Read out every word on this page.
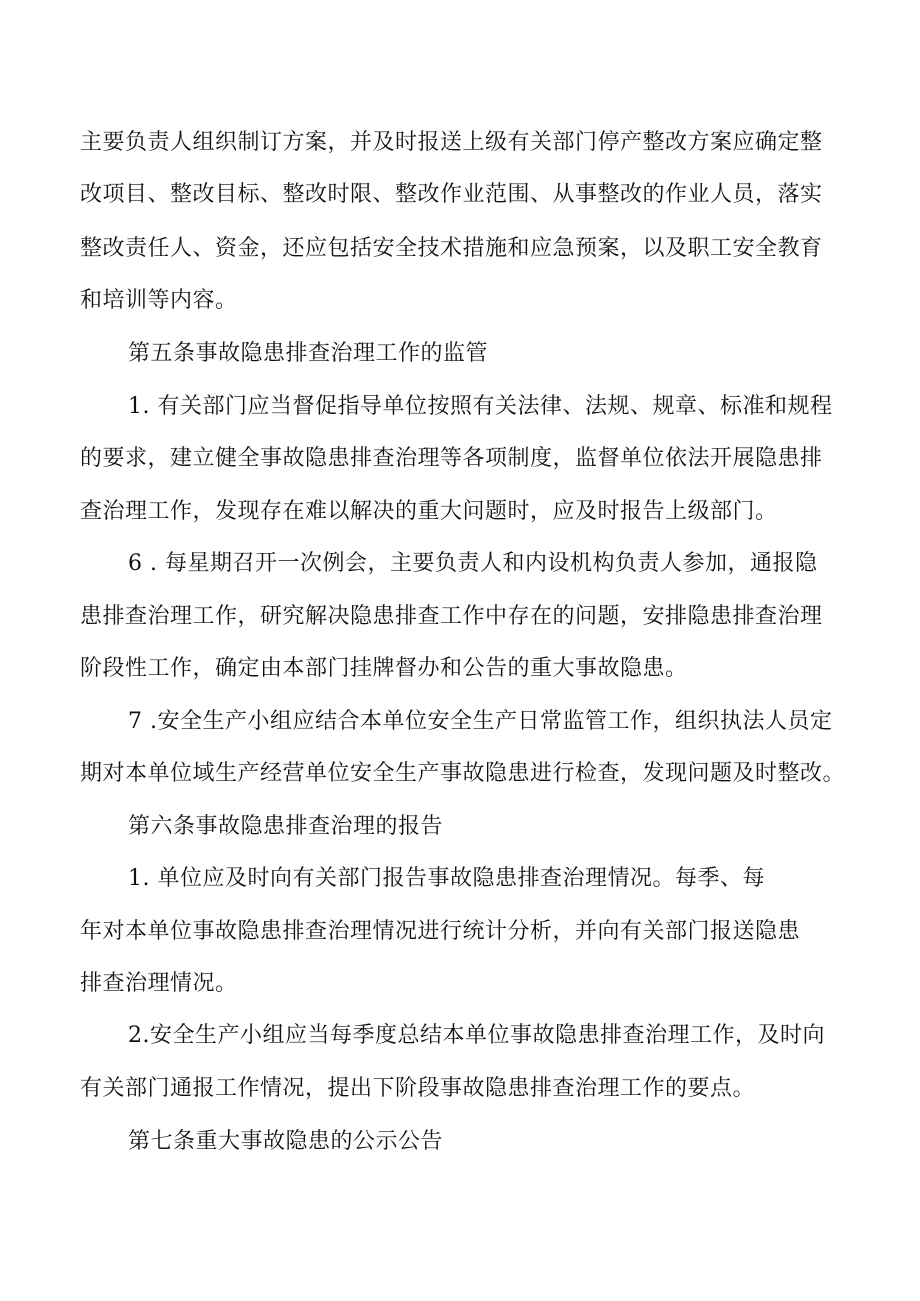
主要负责人组织制订方案，并及时报送上级有关部门停产整改方案应确定整
改项目、整改目标、整改时限、整改作业范围、从事整改的作业人员，落实
整改责任人、资金，还应包括安全技术措施和应急预案，以及职工安全教育
和培训等内容。
第五条事故隐患排查治理工作的监管
1. 有关部门应当督促指导单位按照有关法律、法规、规章、标准和规程
的要求，建立健全事故隐患排查治理等各项制度，监督单位依法开展隐患排
查治理工作，发现存在难以解决的重大问题时，应及时报告上级部门。
6 . 每星期召开一次例会，主要负责人和内设机构负责人参加，通报隐
患排查治理工作，研究解决隐患排查工作中存在的问题，安排隐患排查治理
阶段性工作，确定由本部门挂牌督办和公告的重大事故隐患。
7 .安全生产小组应结合本单位安全生产日常监管工作，组织执法人员定
期对本单位域生产经营单位安全生产事故隐患进行检查，发现问题及时整改。
第六条事故隐患排查治理的报告
1. 单位应及时向有关部门报告事故隐患排查治理情况。每季、每
年对本单位事故隐患排查治理情况进行统计分析，并向有关部门报送隐患
排查治理情况。
2.安全生产小组应当每季度总结本单位事故隐患排查治理工作，及时向
有关部门通报工作情况，提出下阶段事故隐患排查治理工作的要点。
第七条重大事故隐患的公示公告
